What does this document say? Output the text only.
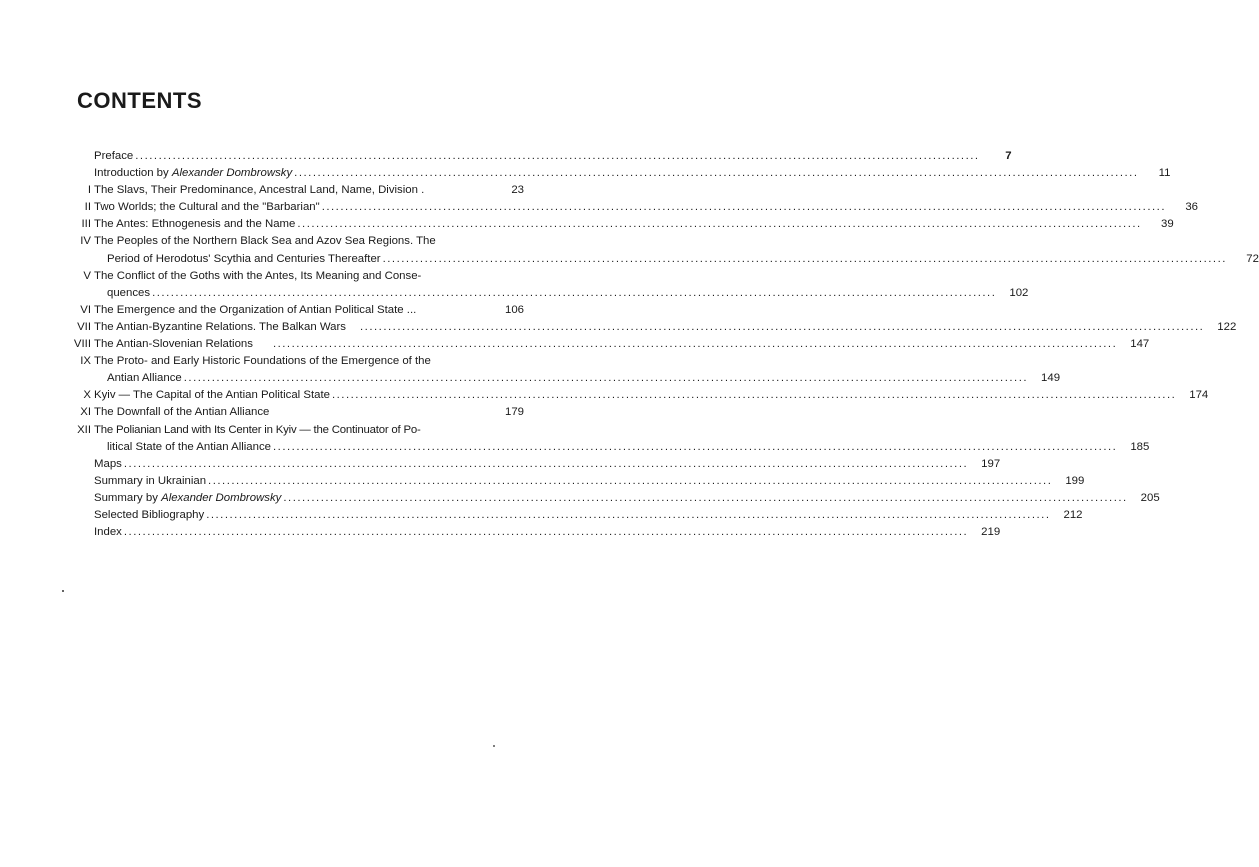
CONTENTS
Preface .....	7
Introduction by Alexander Dombrowsky .....	11
I The Slavs, Their Predominance, Ancestral Land, Name, Division .	23
II Two Worlds; the Cultural and the "Barbarian" .....	36
III The Antes: Ethnogenesis and the Name .....	39
IV The Peoples of the Northern Black Sea and Azov Sea Regions. The
Period of Herodotus' Scythia and Centuries Thereafter .....	72
V The Conflict of the Goths with the Antes, Its Meaning and Conse-
quences .....	102
VI The Emergence and the Organization of Antian Political State ...	106
VII The Antian-Byzantine Relations. The Balkan Wars .....	122
VIII The Antian-Slovenian Relations .....	147
IX The Proto- and Early Historic Foundations of the Emergence of the
Antian Alliance .....	149
X Kyiv — The Capital of the Antian Political State .....	174
XI The Downfall of the Antian Alliance	179
XII The Polianian Land with Its Center in Kyiv — the Continuator of Po-
litical State of the Antian Alliance .....	185
Maps .....	197
Summary in Ukrainian .....	199
Summary by Alexander Dombrowsky .....	205
Selected Bibliography .....	212
Index .....	219
